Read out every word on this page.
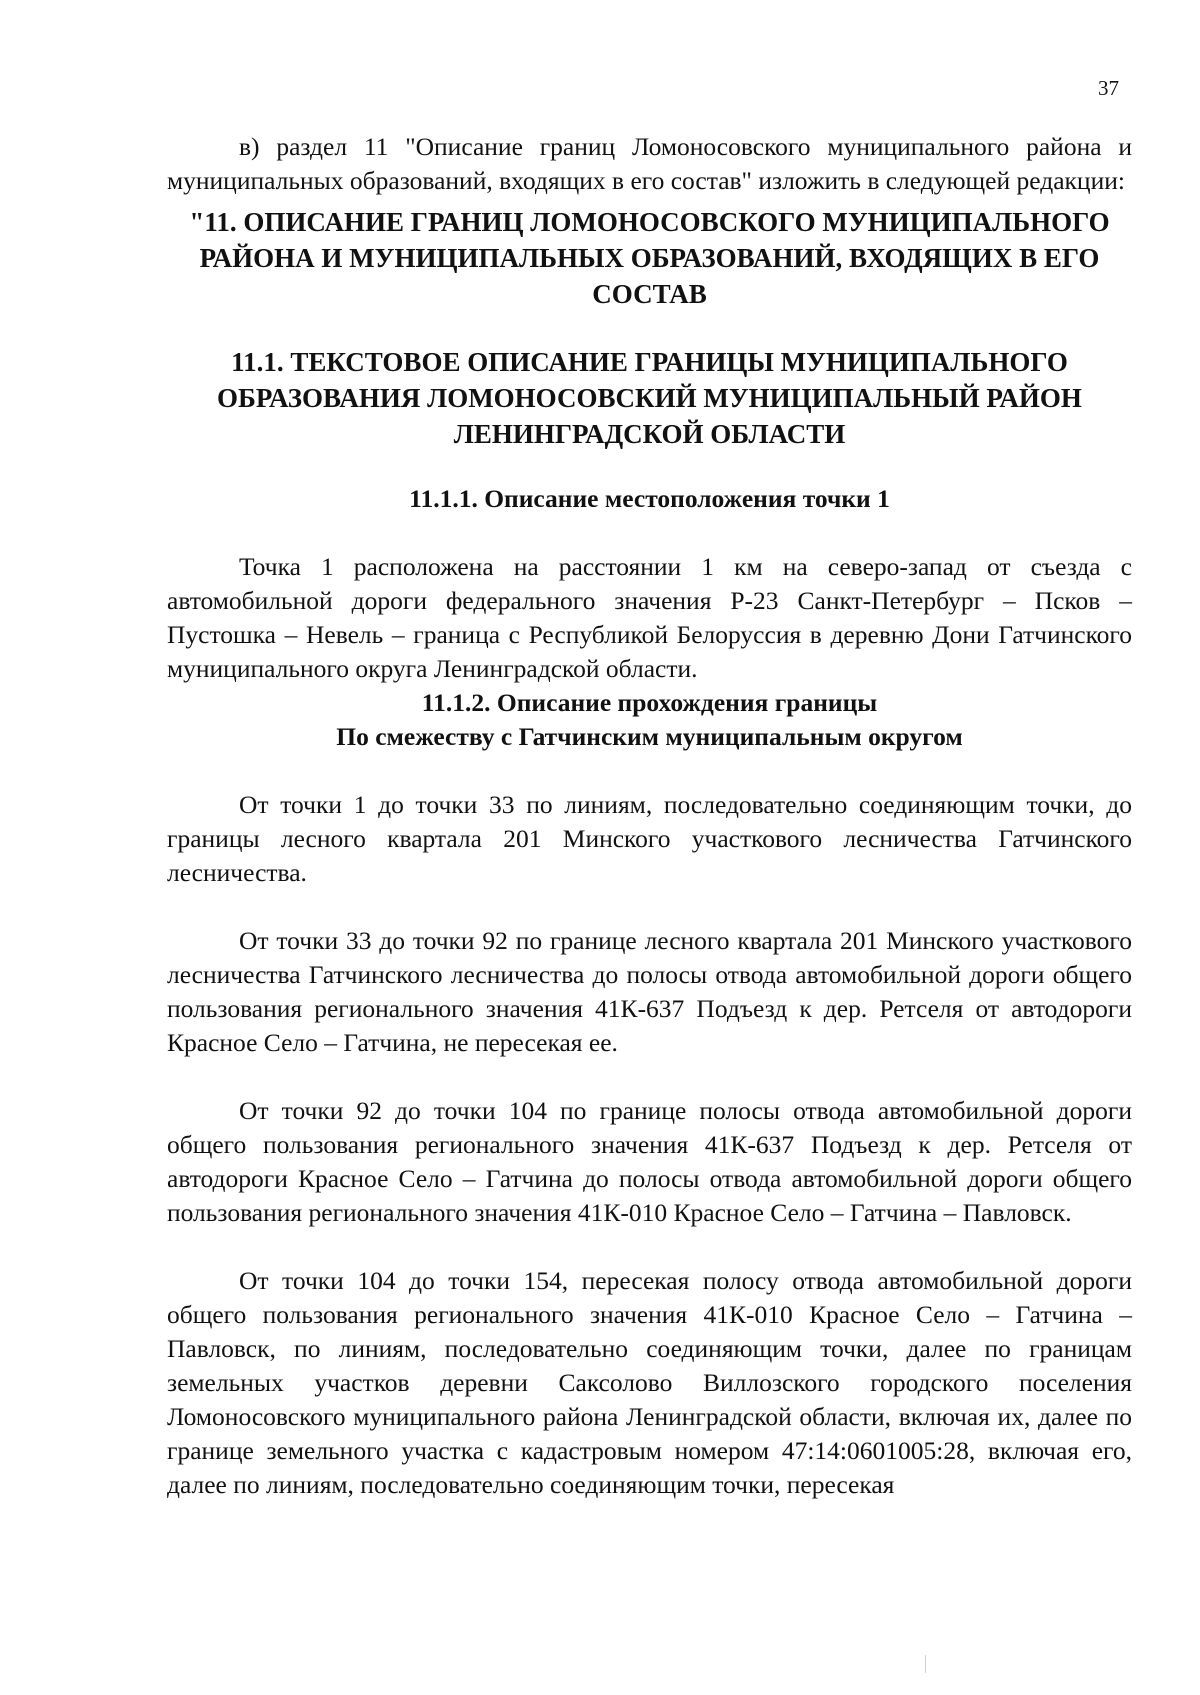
37

в) раздел 11 "Описание границ Ломоносовского муниципального района и муниципальных образований, входящих в его состав" изложить в следующей редакции:

"11. ОПИСАНИЕ ГРАНИЦ ЛОМОНОСОВСКОГО МУНИЦИПАЛЬНОГО РАЙОНА И МУНИЦИПАЛЬНЫХ ОБРАЗОВАНИЙ, ВХОДЯЩИХ В ЕГО СОСТАВ
11.1. ТЕКСТОВОЕ ОПИСАНИЕ ГРАНИЦЫ МУНИЦИПАЛЬНОГО ОБРАЗОВАНИЯ ЛОМОНОСОВСКИЙ МУНИЦИПАЛЬНЫЙ РАЙОН ЛЕНИНГРАДСКОЙ ОБЛАСТИ
11.1.1. Описание местоположения точки 1

Точка 1 расположена на расстоянии 1 км на северо-запад от съезда с автомобильной дороги федерального значения Р-23 Санкт-Петербург – Псков – Пустошка – Невель – граница с Республикой Белоруссия в деревню Дони Гатчинского муниципального округа Ленинградской области.

11.1.2. Описание прохождения границы
По смежеству с Гатчинским муниципальным округом

От точки 1 до точки 33 по линиям, последовательно соединяющим точки, до границы лесного квартала 201 Минского участкового лесничества Гатчинского лесничества.

От точки 33 до точки 92 по границе лесного квартала 201 Минского участкового лесничества Гатчинского лесничества до полосы отвода автомобильной дороги общего пользования регионального значения 41К-637 Подъезд к дер. Ретселя от автодороги Красное Село – Гатчина, не пересекая ее.

От точки 92 до точки 104 по границе полосы отвода автомобильной дороги общего пользования регионального значения 41К-637 Подъезд к дер. Ретселя от автодороги Красное Село – Гатчина до полосы отвода автомобильной дороги общего пользования регионального значения 41К-010 Красное Село – Гатчина – Павловск.

От точки 104 до точки 154, пересекая полосу отвода автомобильной дороги общего пользования регионального значения 41К-010 Красное Село – Гатчина – Павловск, по линиям, последовательно соединяющим точки, далее по границам земельных участков деревни Саксолово Виллозского городского поселения Ломоносовского муниципального района Ленинградской области, включая их, далее по границе земельного участка с кадастровым номером 47:14:0601005:28, включая его, далее по линиям, последовательно соединяющим точки, пересекая
